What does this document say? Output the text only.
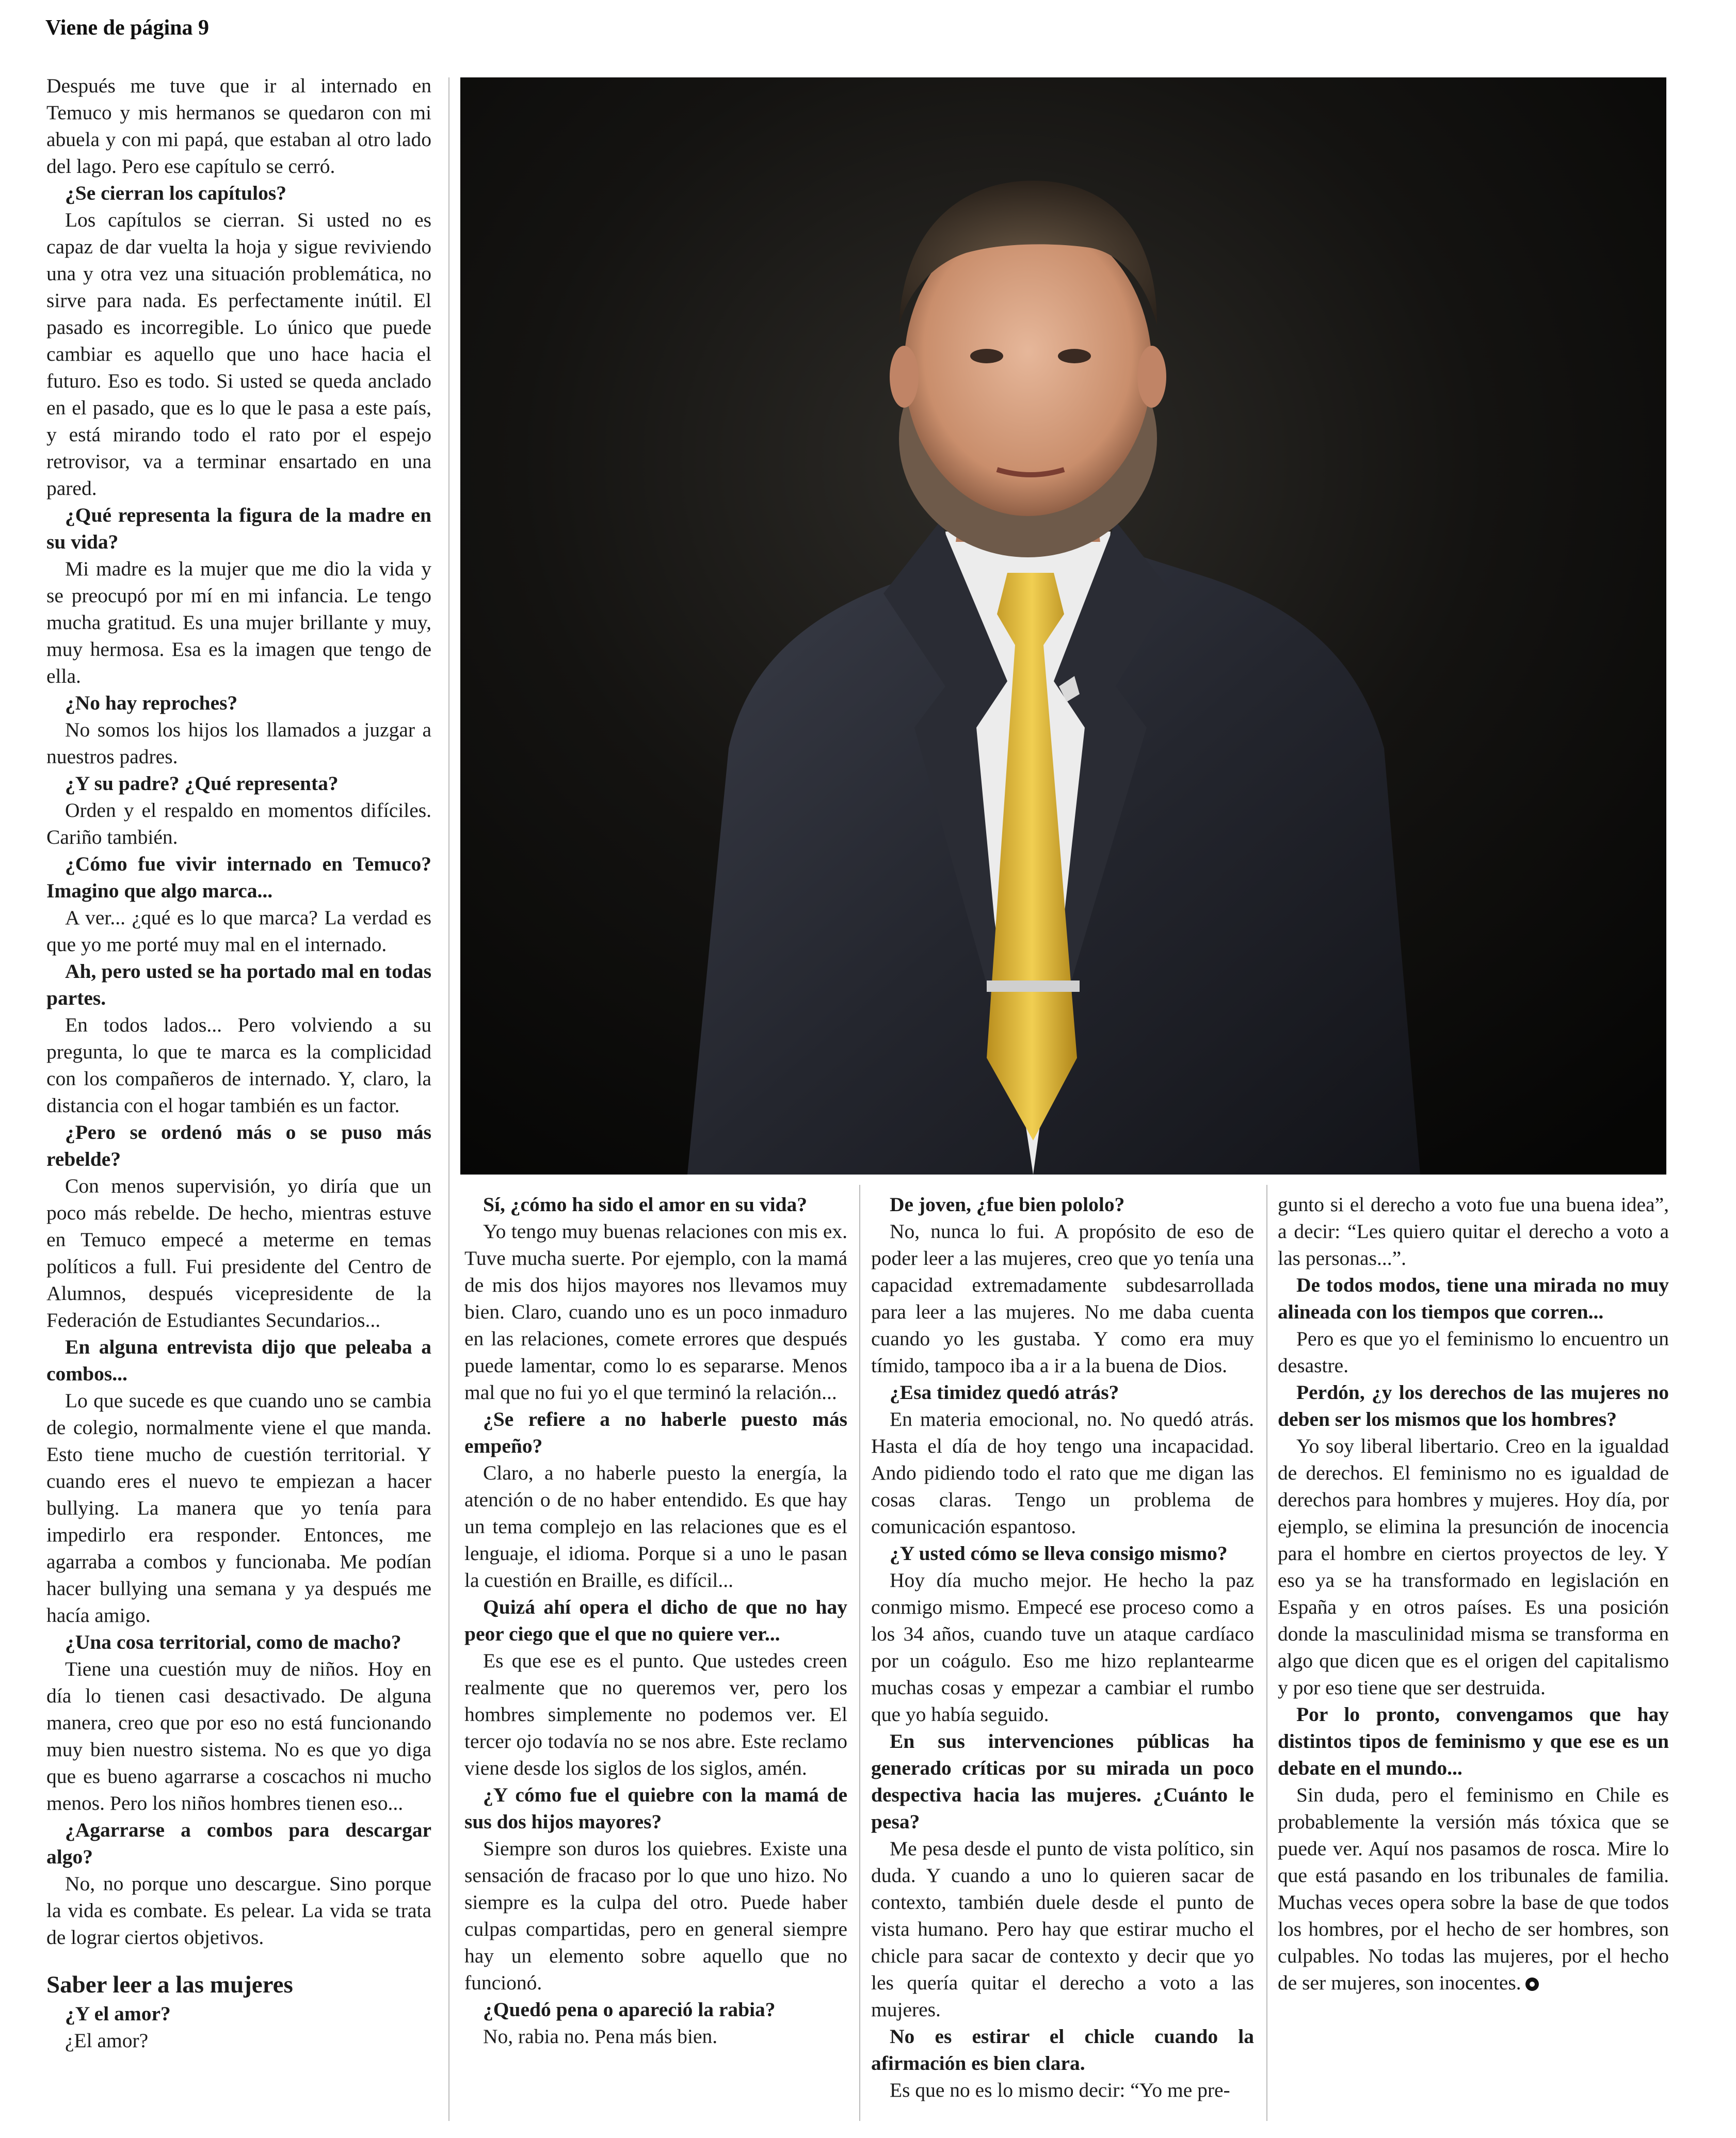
Viene de página 9

Después me tuve que ir al internado en Temuco y mis hermanos se quedaron con mi abuela y con mi papá, que estaban al otro lado del lago. Pero ese capítulo se cerró.

¿Se cierran los capítulos?

Los capítulos se cierran. Si usted no es capaz de dar vuelta la hoja y sigue reviviendo una y otra vez una situación problemática, no sirve para nada. Es perfectamente inútil. El pasado es incorregible. Lo único que puede cambiar es aquello que uno hace hacia el futuro. Eso es todo. Si usted se queda anclado en el pasado, que es lo que le pasa a este país, y está mirando todo el rato por el espejo retrovisor, va a terminar ensartado en una pared.

¿Qué representa la figura de la madre en su vida?

Mi madre es la mujer que me dio la vida y se preocupó por mí en mi infancia. Le tengo mucha gratitud. Es una mujer brillante y muy, muy hermosa. Esa es la imagen que tengo de ella.

¿No hay reproches?

No somos los hijos los llamados a juzgar a nuestros padres.

¿Y su padre? ¿Qué representa?

Orden y el respaldo en momentos difíciles. Cariño también.

¿Cómo fue vivir internado en Temuco? Imagino que algo marca...

A ver... ¿qué es lo que marca? La verdad es que yo me porté muy mal en el internado.

Ah, pero usted se ha portado mal en todas partes.

En todos lados... Pero volviendo a su pregunta, lo que te marca es la complicidad con los compañeros de internado. Y, claro, la distancia con el hogar también es un factor.

¿Pero se ordenó más o se puso más rebelde?

Con menos supervisión, yo diría que un poco más rebelde. De hecho, mientras estuve en Temuco empecé a meterme en temas políticos a full. Fui presidente del Centro de Alumnos, después vicepresidente de la Federación de Estudiantes Secundarios...

En alguna entrevista dijo que peleaba a combos...

Lo que sucede es que cuando uno se cambia de colegio, normalmente viene el que manda. Esto tiene mucho de cuestión territorial. Y cuando eres el nuevo te empiezan a hacer bullying. La manera que yo tenía para impedirlo era responder. Entonces, me agarraba a combos y funcionaba. Me podían hacer bullying una semana y ya después me hacía amigo.

¿Una cosa territorial, como de macho?

Tiene una cuestión muy de niños. Hoy en día lo tienen casi desactivado. De alguna manera, creo que por eso no está funcionando muy bien nuestro sistema. No es que yo diga que es bueno agarrarse a coscachos ni mucho menos. Pero los niños hombres tienen eso...

¿Agarrarse a combos para descargar algo?

No, no porque uno descargue. Sino porque la vida es combate. Es pelear. La vida se trata de lograr ciertos objetivos.

Saber leer a las mujeres

¿Y el amor?

¿El amor?

Sí, ¿cómo ha sido el amor en su vida?

Yo tengo muy buenas relaciones con mis ex. Tuve mucha suerte. Por ejemplo, con la mamá de mis dos hijos mayores nos llevamos muy bien. Claro, cuando uno es un poco inmaduro en las relaciones, comete errores que después puede lamentar, como lo es separarse. Menos mal que no fui yo el que terminó la relación...

¿Se refiere a no haberle puesto más empeño?

Claro, a no haberle puesto la energía, la atención o de no haber entendido. Es que hay un tema complejo en las relaciones que es el lenguaje, el idioma. Porque si a uno le pasan la cuestión en Braille, es difícil...

Quizá ahí opera el dicho de que no hay peor ciego que el que no quiere ver...

Es que ese es el punto. Que ustedes creen realmente que no queremos ver, pero los hombres simplemente no podemos ver. El tercer ojo todavía no se nos abre. Este reclamo viene desde los siglos de los siglos, amén.

¿Y cómo fue el quiebre con la mamá de sus dos hijos mayores?

Siempre son duros los quiebres. Existe una sensación de fracaso por lo que uno hizo. No siempre es la culpa del otro. Puede haber culpas compartidas, pero en general siempre hay un elemento sobre aquello que no funcionó.

¿Quedó pena o apareció la rabia?

No, rabia no. Pena más bien.

De joven, ¿fue bien pololo?

No, nunca lo fui. A propósito de eso de poder leer a las mujeres, creo que yo tenía una capacidad extremadamente subdesarrollada para leer a las mujeres. No me daba cuenta cuando yo les gustaba. Y como era muy tímido, tampoco iba a ir a la buena de Dios.

¿Esa timidez quedó atrás?

En materia emocional, no. No quedó atrás. Hasta el día de hoy tengo una incapacidad. Ando pidiendo todo el rato que me digan las cosas claras. Tengo un problema de comunicación espantoso.

¿Y usted cómo se lleva consigo mismo?

Hoy día mucho mejor. He hecho la paz conmigo mismo. Empecé ese proceso como a los 34 años, cuando tuve un ataque cardíaco por un coágulo. Eso me hizo replantearme muchas cosas y empezar a cambiar el rumbo que yo había seguido.

En sus intervenciones públicas ha generado críticas por su mirada un poco despectiva hacia las mujeres. ¿Cuánto le pesa?

Me pesa desde el punto de vista político, sin duda. Y cuando a uno lo quieren sacar de contexto, también duele desde el punto de vista humano. Pero hay que estirar mucho el chicle para sacar de contexto y decir que yo les quería quitar el derecho a voto a las mujeres.

No es estirar el chicle cuando la afirmación es bien clara.

Es que no es lo mismo decir: “Yo me pre-

gunto si el derecho a voto fue una buena idea”, a decir: “Les quiero quitar el derecho a voto a las personas...”.

De todos modos, tiene una mirada no muy alineada con los tiempos que corren...

Pero es que yo el feminismo lo encuentro un desastre.

Perdón, ¿y los derechos de las mujeres no deben ser los mismos que los hombres?

Yo soy liberal libertario. Creo en la igualdad de derechos. El feminismo no es igualdad de derechos para hombres y mujeres. Hoy día, por ejemplo, se elimina la presunción de inocencia para el hombre en ciertos proyectos de ley. Y eso ya se ha transformado en legislación en España y en otros países. Es una posición donde la masculinidad misma se transforma en algo que dicen que es el origen del capitalismo y por eso tiene que ser destruida.

Por lo pronto, convengamos que hay distintos tipos de feminismo y que ese es un debate en el mundo...

Sin duda, pero el feminismo en Chile es probablemente la versión más tóxica que se puede ver. Aquí nos pasamos de rosca. Mire lo que está pasando en los tribunales de familia. Muchas veces opera sobre la base de que todos los hombres, por el hecho de ser hombres, son culpables. No todas las mujeres, por el hecho de ser mujeres, son inocentes.
